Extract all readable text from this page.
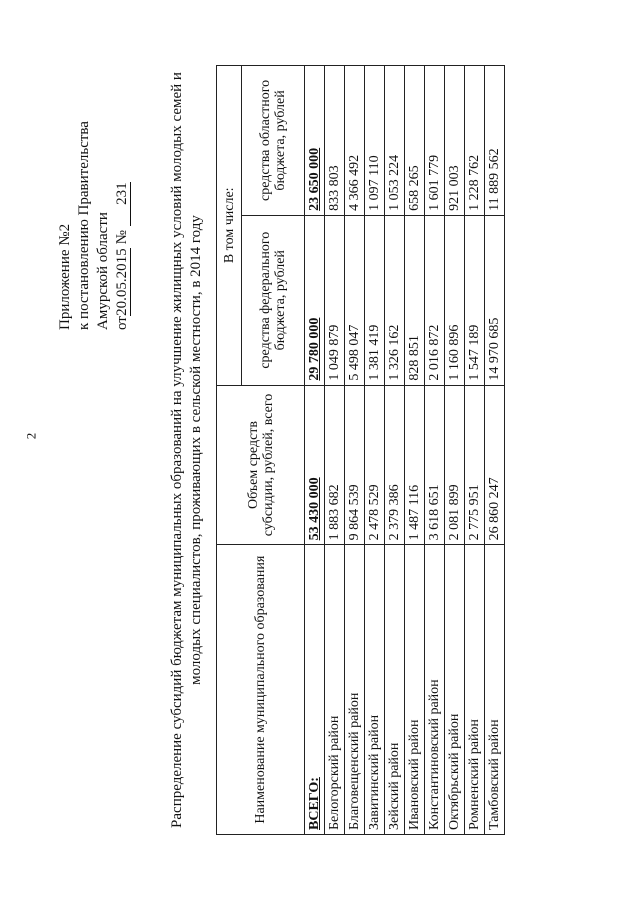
2
Приложение №2 к постановлению Правительства Амурской области от20.05.2015 № 231	Распределение субсидий бюджетам муниципальных образований на улучшение жилищных условий молодых семей и молодых специалистов, проживающих в сельской местности, в 2014 году
Наименование муниципального образования	Объем средств субсидии, рублей, всего	В том числе:	
		средства федерального бюджета, рублей	средства областного бюджета, рублей
ВСЕГО:	53 430 000	29 780 000	23 650 000
Белогорский район	1 883 682	1 049 879	833 803
Благовещенский район	9 864 539	5 498 047	4 366 492
Завитинский район	2 478 529	1 381 419	1 097 110
Зейский район	2 379 386	1 326 162	1 053 224
Ивановский район	1 487 116	828 851	658 265
Константиновский район	3 618 651	2 016 872	1 601 779
Октябрьский район	2 081 899	1 160 896	921 003
Ромненский район	2 775 951	1 547 189	1 228 762
Тамбовский район	26 860 247	14 970 685	11 889 562
